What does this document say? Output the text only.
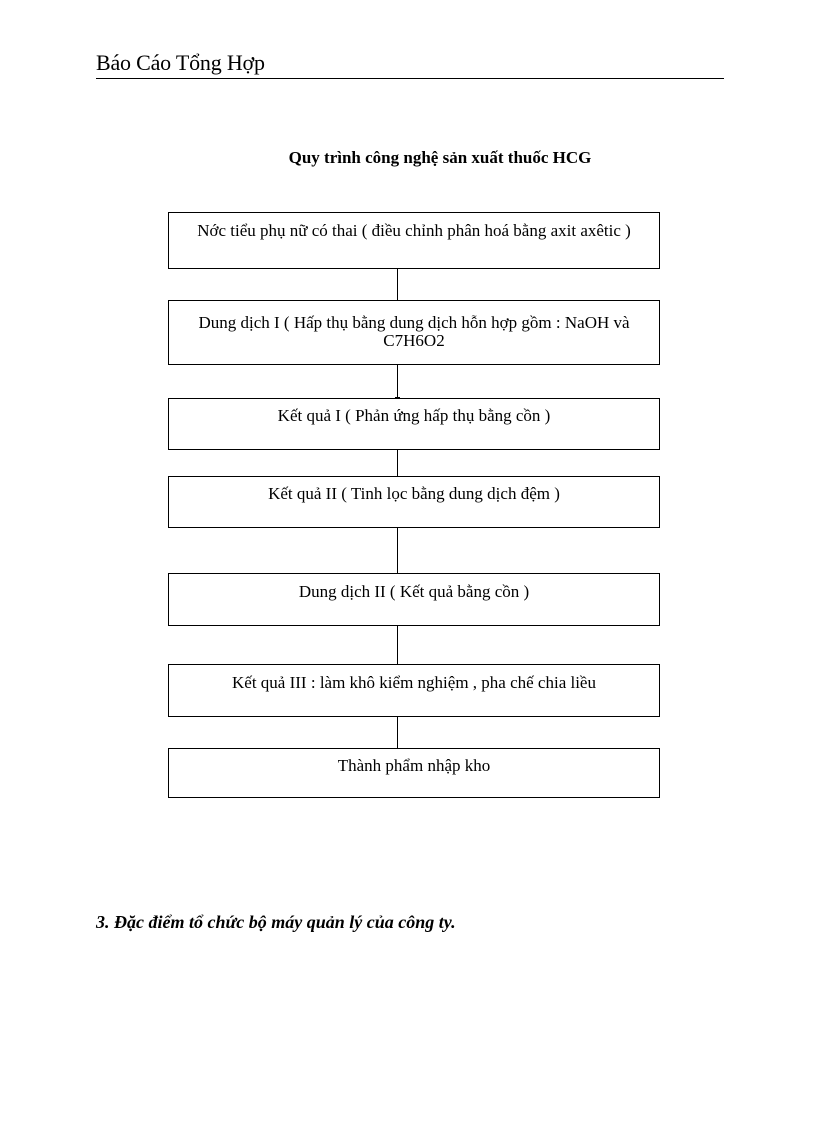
Báo Cáo Tổng Hợp
Quy trình công nghệ sản xuất thuốc HCG
Nớc tiểu phụ nữ có thai ( điều chỉnh phân hoá bằng axit axêtic )
Dung dịch I ( Hấp thụ bằng dung dịch hỗn hợp gồm : NaOH và C7H6O2
Kết quả I ( Phản ứng hấp thụ bằng cồn )
Kết quả II ( Tinh lọc bằng dung dịch đệm )
Dung dịch II ( Kết quả bằng cồn )
Kết quả III : làm khô kiểm nghiệm , pha chế chia liều
Thành phẩm nhập kho
3. Đặc điểm tổ chức bộ máy quản lý của công ty.
